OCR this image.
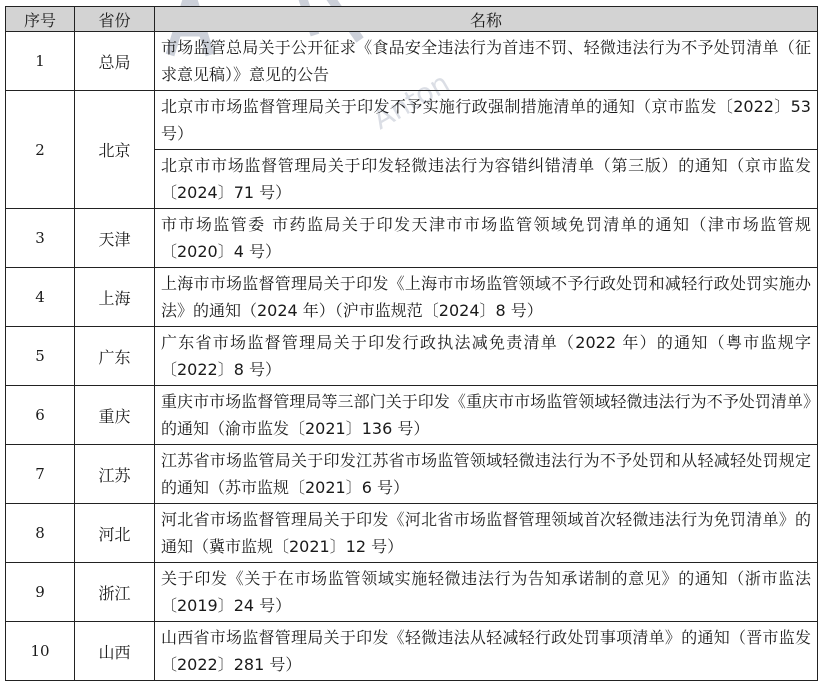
Anton
序号	省份	名称
1	总局	市场监管总局关于公开征求《食品安全违法行为首违不罚、轻微违法行为不予处罚清单（征求意见稿）》意见的公告
2	北京	北京市市场监督管理局关于印发不予实施行政强制措施清单的通知（京市监发〔2022〕53 号）
		北京市市场监督管理局关于印发轻微违法行为容错纠错清单（第三版）的通知（京市监发〔2024〕71 号）
3	天津	市市场监管委 市药监局关于印发天津市市场监管领域免罚清单的通知（津市场监管规〔2020〕4 号）
4	上海	上海市市场监督管理局关于印发《上海市市场监管领域不予行政处罚和减轻行政处罚实施办法》的通知（2024 年）（沪市监规范〔2024〕8 号）
5	广东	广东省市场监督管理局关于印发行政执法减免责清单（2022 年）的通知（粤市监规字〔2022〕8 号）
6	重庆	重庆市市场监督管理局等三部门关于印发《重庆市市场监管领域轻微违法行为不予处罚清单》的通知（渝市监发〔2021〕136 号）
7	江苏	江苏省市场监管局关于印发江苏省市场监管领域轻微违法行为不予处罚和从轻减轻处罚规定的通知（苏市监规〔2021〕6 号）
8	河北	河北省市场监督管理局关于印发《河北省市场监督管理领域首次轻微违法行为免罚清单》的通知（冀市监规〔2021〕12 号）
9	浙江	关于印发《关于在市场监管领域实施轻微违法行为告知承诺制的意见》的通知（浙市监法〔2019〕24 号）
10	山西	山西省市场监督管理局关于印发《轻微违法从轻减轻行政处罚事项清单》的通知（晋市监发〔2022〕281 号）
